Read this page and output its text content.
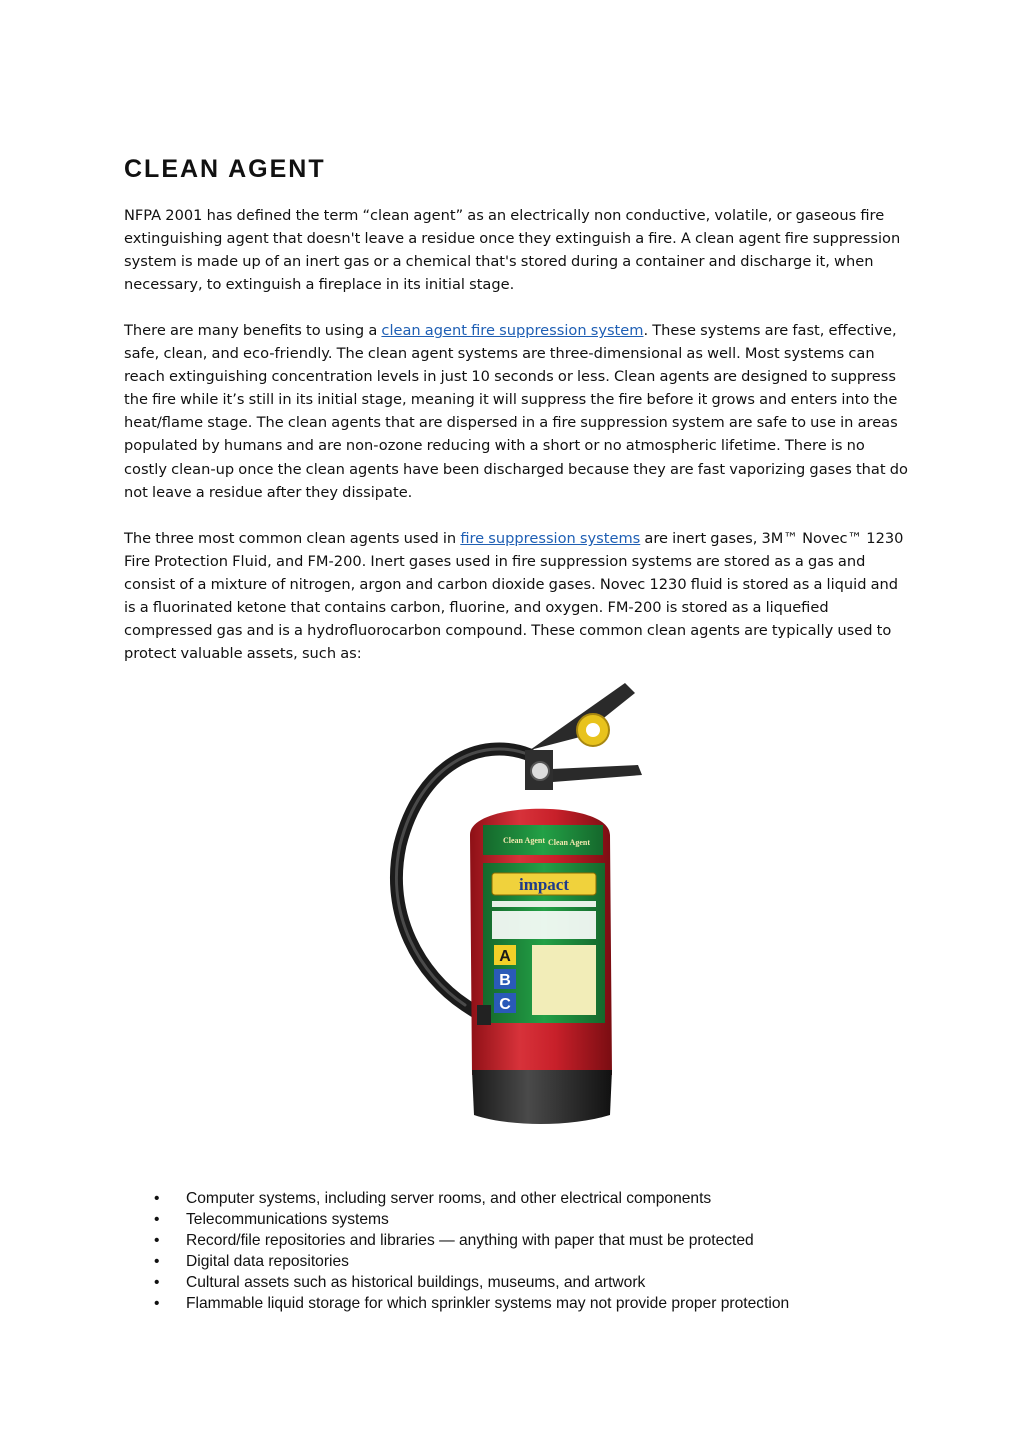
CLEAN AGENT

NFPA 2001 has defined the term “clean agent” as an electrically non conductive, volatile, or gaseous fire extinguishing agent that doesn't leave a residue once they extinguish a fire. A clean agent fire suppression system is made up of an inert gas or a chemical that's stored during a container and discharge it, when necessary, to extinguish a fireplace in its initial stage.

There are many benefits to using a clean agent fire suppression system. These systems are fast, effective, safe, clean, and eco-friendly. The clean agent systems are three-dimensional as well. Most systems can reach extinguishing concentration levels in just 10 seconds or less. Clean agents are designed to suppress the fire while it’s still in its initial stage, meaning it will suppress the fire before it grows and enters into the heat/flame stage. The clean agents that are dispersed in a fire suppression system are safe to use in areas populated by humans and are non-ozone reducing with a short or no atmospheric lifetime. There is no costly clean-up once the clean agents have been discharged because they are fast vaporizing gases that do not leave a residue after they dissipate.

The three most common clean agents used in fire suppression systems are inert gases, 3M™ Novec™ 1230 Fire Protection Fluid, and FM-200. Inert gases used in fire suppression systems are stored as a gas and consist of a mixture of nitrogen, argon and carbon dioxide gases. Novec 1230 fluid is stored as a liquid and is a fluorinated ketone that contains carbon, fluorine, and oxygen. FM-200 is stored as a liquefied compressed gas and is a hydrofluorocarbon compound. These common clean agents are typically used to protect valuable assets, such as:

Clean Agent Clean Agent
impact
A
B
C
• Computer systems, including server rooms, and other electrical components
• Telecommunications systems
• Record/file repositories and libraries — anything with paper that must be protected
• Digital data repositories
• Cultural assets such as historical buildings, museums, and artwork
• Flammable liquid storage for which sprinkler systems may not provide proper protection
